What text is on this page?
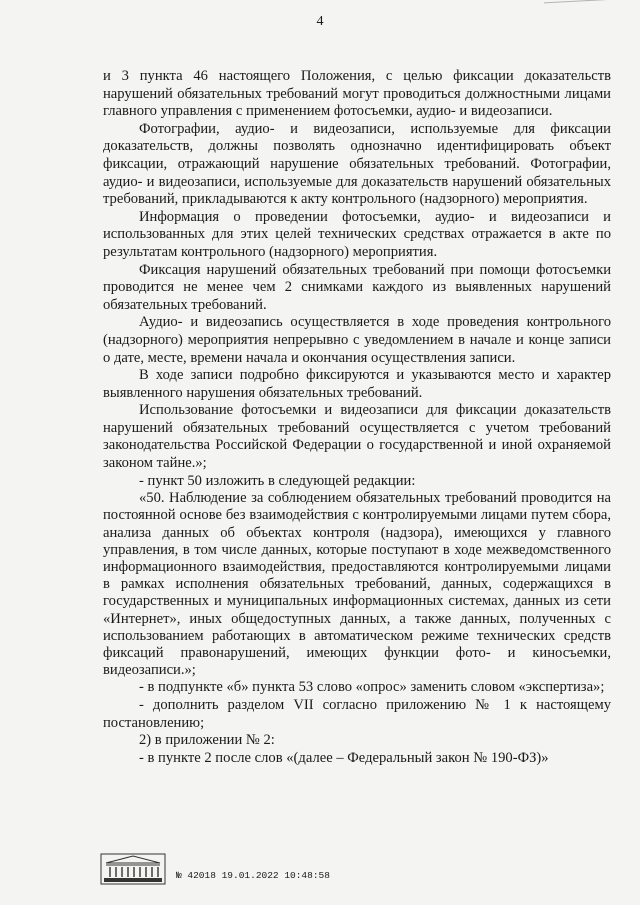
4

и 3 пункта 46 настоящего Положения, с целью фиксации доказательств нарушений обязательных требований могут проводиться должностными лицами главного управления с применением фотосъемки, аудио- и видеозаписи.

Фотографии, аудио- и видеозаписи, используемые для фиксации доказательств, должны позволять однозначно идентифицировать объект фиксации, отражающий нарушение обязательных требований. Фотографии, аудио- и видеозаписи, используемые для доказательств нарушений обязательных требований, прикладываются к акту контрольного (надзорного) мероприятия.

Информация о проведении фотосъемки, аудио- и видеозаписи и использованных для этих целей технических средствах отражается в акте по результатам контрольного (надзорного) мероприятия.

Фиксация нарушений обязательных требований при помощи фотосъемки проводится не менее чем 2 снимками каждого из выявленных нарушений обязательных требований.

Аудио- и видеозапись осуществляется в ходе проведения контрольного (надзорного) мероприятия непрерывно с уведомлением в начале и конце записи о дате, месте, времени начала и окончания осуществления записи.

В ходе записи подробно фиксируются и указываются место и характер выявленного нарушения обязательных требований.

Использование фотосъемки и видеозаписи для фиксации доказательств нарушений обязательных требований осуществляется с учетом требований законодательства Российской Федерации о государственной и иной охраняемой законом тайне.»;

- пункт 50 изложить в следующей редакции:

«50. Наблюдение за соблюдением обязательных требований проводится на постоянной основе без взаимодействия с контролируемыми лицами путем сбора, анализа данных об объектах контроля (надзора), имеющихся у главного управления, в том числе данных, которые поступают в ходе межведомственного информационного взаимодействия, предоставляются контролируемыми лицами в рамках исполнения обязательных требований, данных, содержащихся в государственных и муниципальных информационных системах, данных из сети «Интернет», иных общедоступных данных, а также данных, полученных с использованием работающих в автоматическом режиме технических средств фиксаций правонарушений, имеющих функции фото- и киносъемки, видеозаписи.»;

- в подпункте «б» пункта 53 слово «опрос» заменить словом «экспертиза»;

- дополнить разделом VII согласно приложению № 1 к настоящему постановлению;

2) в приложении № 2:

- в пункте 2 после слов «(далее – Федеральный закон № 190-ФЗ)»

№ 42018 19.01.2022 10:48:58
